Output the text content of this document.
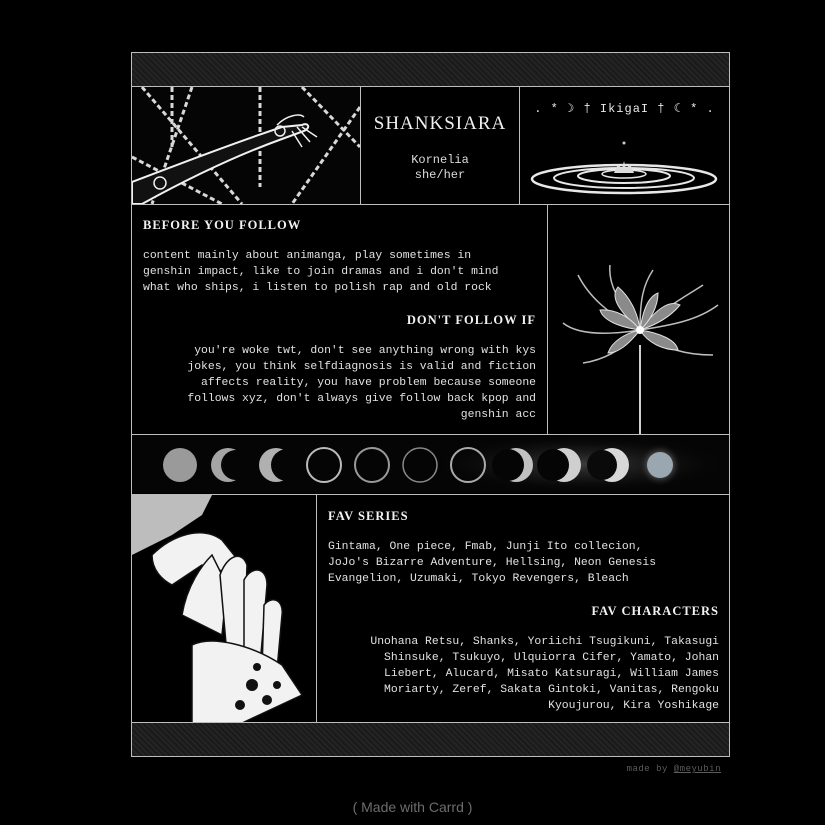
SHANKSIARA
Kornelia
she/her
. * ☽ † IkigaI † ☾ * .
BEFORE YOU FOLLOW

content mainly about animanga, play sometimes in
genshin impact, like to join dramas and i don't mind
what who ships, i listen to polish rap and old rock

DON'T FOLLOW IF

you're woke twt, don't see anything wrong with kys
jokes, you think selfdiagnosis is valid and fiction
affects reality, you have problem because someone
follows xyz, don't always give follow back kpop and
genshin acc

FAV SERIES

Gintama, One piece, Fmab, Junji Ito collecion,
JoJo's Bizarre Adventure, Hellsing, Neon Genesis
Evangelion, Uzumaki, Tokyo Revengers, Bleach

FAV CHARACTERS

Unohana Retsu, Shanks, Yoriichi Tsugikuni, Takasugi
Shinsuke, Tsukuyo, Ulquiorra Cifer, Yamato, Johan
Liebert, Alucard, Misato Katsuragi, William James
Moriarty, Zeref, Sakata Gintoki, Vanitas, Rengoku
Kyoujurou, Kira Yoshikage

made by @meyubin
( Made with Carrd )
